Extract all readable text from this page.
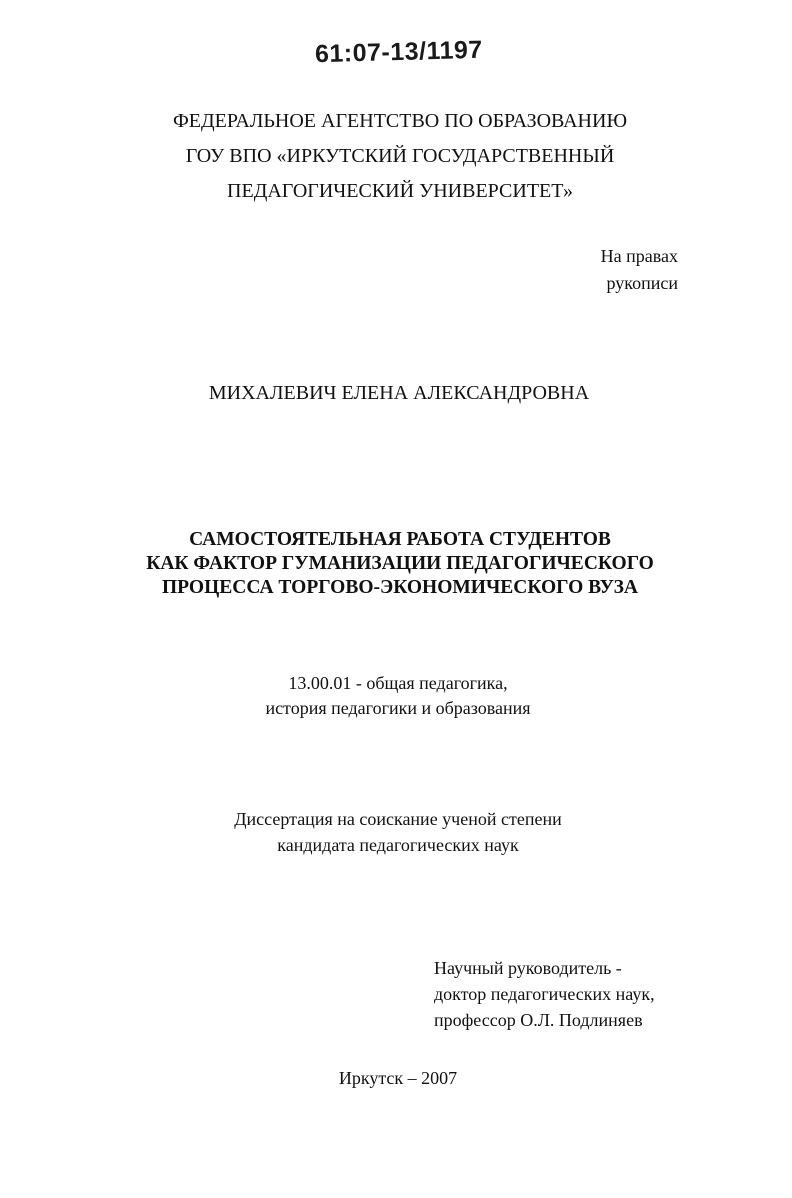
61:07-13/1197
ФЕДЕРАЛЬНОЕ АГЕНТСТВО ПО ОБРАЗОВАНИЮ
ГОУ ВПО «ИРКУТСКИЙ ГОСУДАРСТВЕННЫЙ
ПЕДАГОГИЧЕСКИЙ УНИВЕРСИТЕТ»
На правах
рукописи
МИХАЛЕВИЧ ЕЛЕНА АЛЕКСАНДРОВНА
САМОСТОЯТЕЛЬНАЯ РАБОТА СТУДЕНТОВ
КАК ФАКТОР ГУМАНИЗАЦИИ ПЕДАГОГИЧЕСКОГО
ПРОЦЕССА ТОРГОВО-ЭКОНОМИЧЕСКОГО ВУЗА
13.00.01 - общая педагогика,
история педагогики и образования
Диссертация на соискание ученой степени
кандидата педагогических наук
Научный руководитель -
доктор педагогических наук,
профессор О.Л. Подлиняев
Иркутск – 2007
